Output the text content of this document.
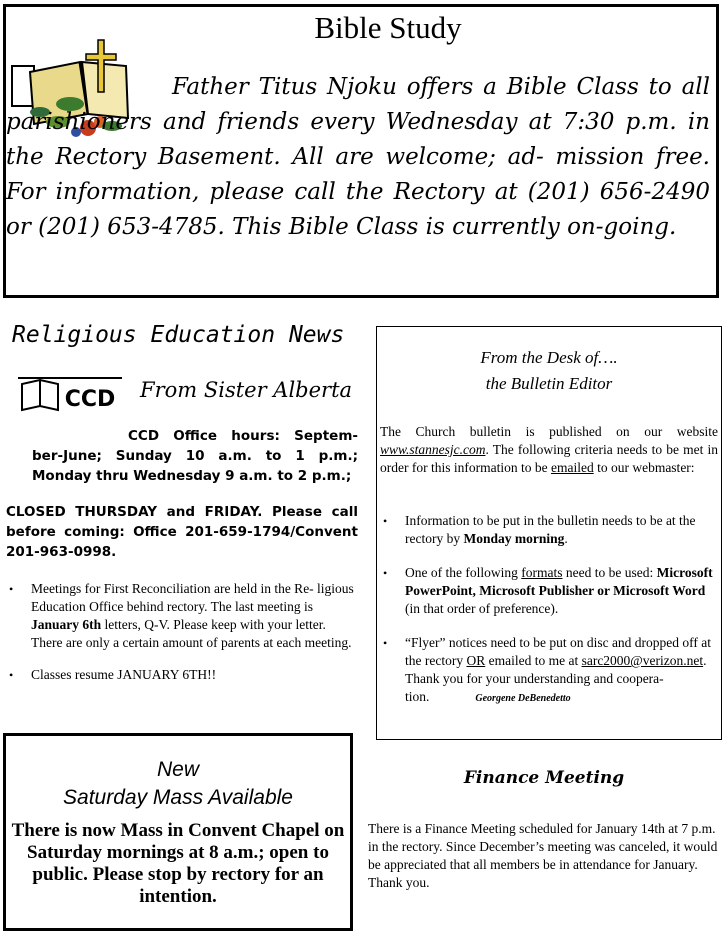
Bible Study
Father Titus Njoku offers a Bible Class to all parishioners and friends every Wednesday at 7:30 p.m. in the Rectory Basement. All are welcome; ad- mission free. For information, please call the Rectory at (201) 656-2490 or (201) 653-4785. This Bible Class is currently on-going.
Religious Education News
CCD From Sister Alberta
CCD Office hours: Septem- ber-June; Sunday 10 a.m. to 1 p.m.; Monday thru Wednesday 9 a.m. to 2 p.m.;
CLOSED THURSDAY and FRIDAY. Please call before coming: Office 201-659-1794/Convent 201-963-0998.
• Meetings for First Reconciliation are held in the Re- ligious Education Office behind rectory. The last meeting is January 6th letters, Q-V. Please keep with your letter. There are only a certain amount of parents at each meeting.
• Classes resume JANUARY 6TH!!
New
Saturday Mass Available
There is now Mass in Convent Chapel on Saturday mornings at 8 a.m.; open to public. Please stop by rectory for an intention.
From the Desk of….
the Bulletin Editor
The Church bulletin is published on our website www.stannesjc.com. The following criteria needs to be met in order for this information to be emailed to our webmaster:
• Information to be put in the bulletin needs to be at the rectory by Monday morning.
• One of the following formats need to be used: Microsoft PowerPoint, Microsoft Publisher or Microsoft Word (in that order of preference).
• “Flyer” notices need to be put on disc and dropped off at the rectory OR emailed to me at sarc2000@verizon.net.
Thank you for your understanding and coopera- tion.	Georgene DeBenedetto
Finance Meeting
There is a Finance Meeting scheduled for January 14th at 7 p.m. in the rectory. Since December’s meeting was canceled, it would be appreciated that all members be in attendance for January. Thank you.
